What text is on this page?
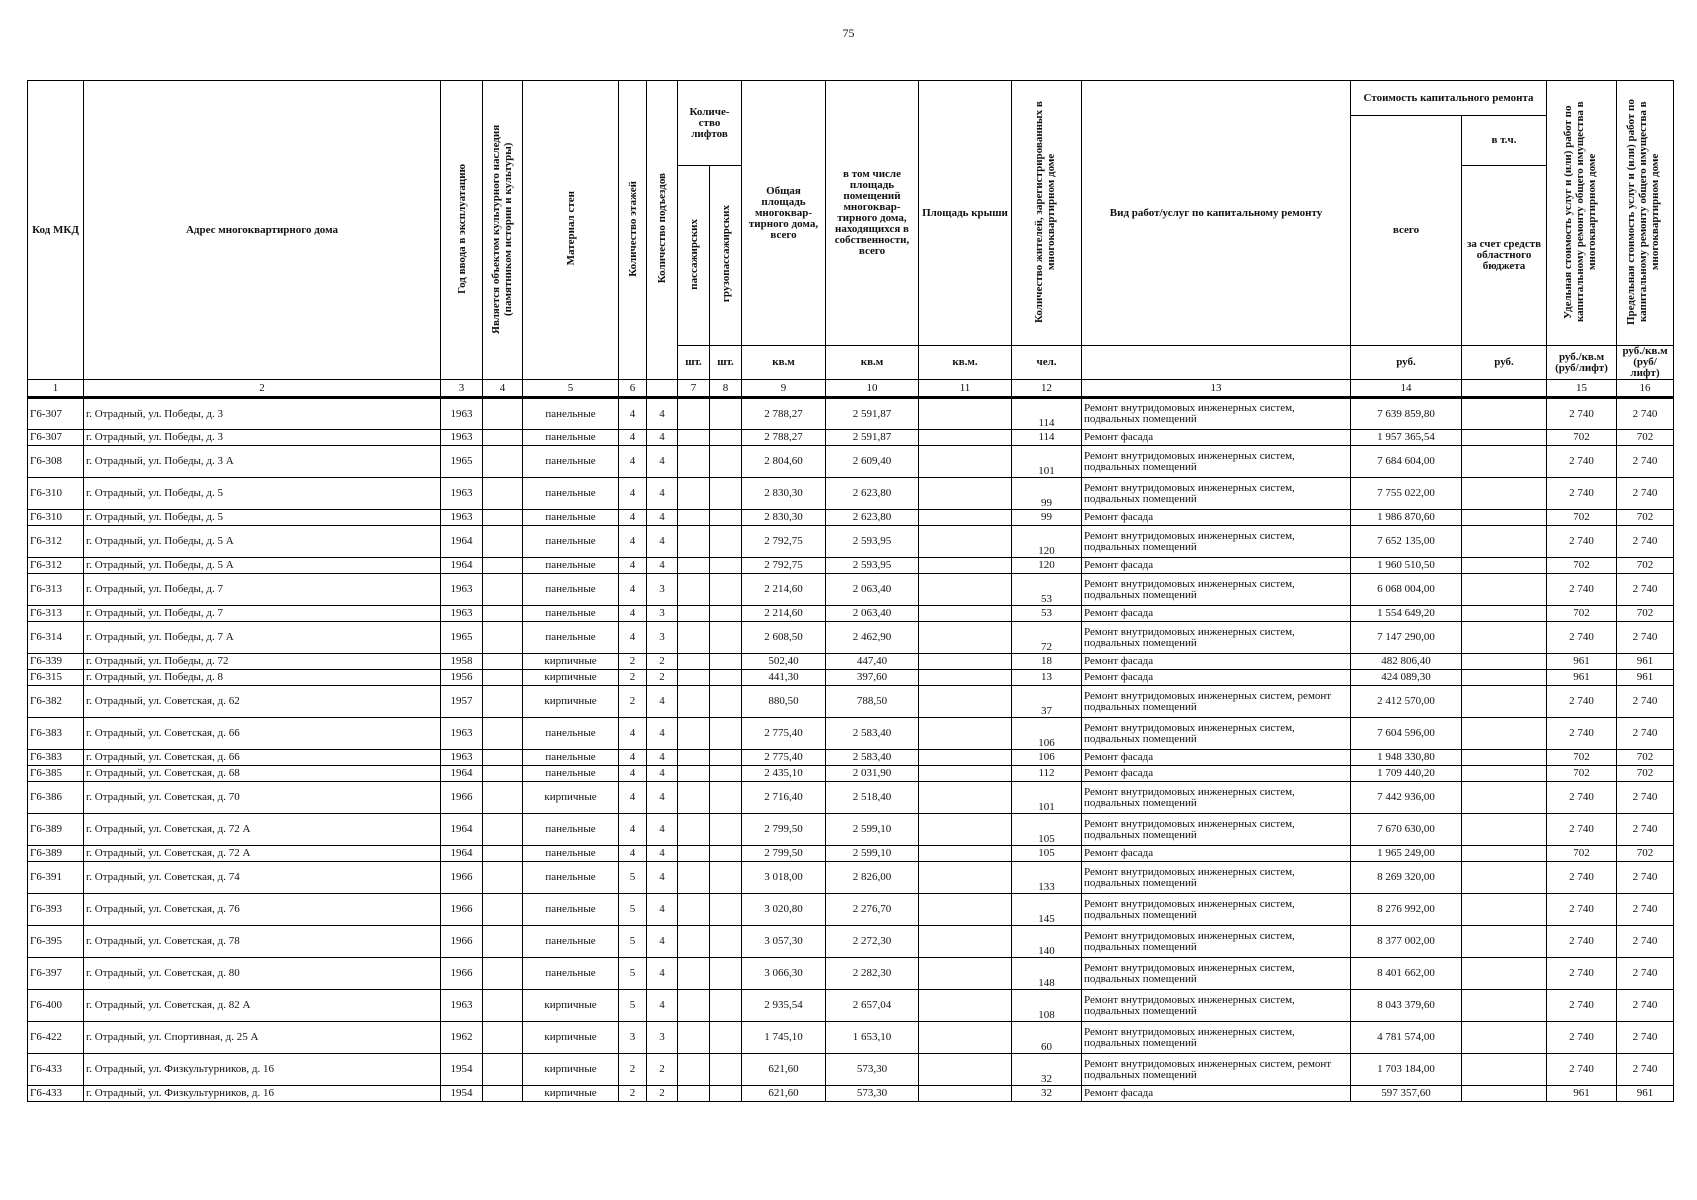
75
Код МКД	Адрес многоквартирного дома	Год ввода в эксплуатацию	Является объектом культурного наследия (памятником истории и культуры)	Материал стен	Количество этажей	Количество подъездов	Количе-ство лифтов		Общая площадь многоквар-тирного дома, всего	в том числе площадь помещений многоквар-тирного дома, находящихся в собственности, всего	Площадь крыши	Количество жителей, зарегистрированных в многоквартирном доме	Вид работ/услуг по капитальному ремонту	Стоимость капитального ремонта		Удельная стоимость услуг и (или) работ по капитальному ремонту общего имущества в многоквартирном доме	Предельная стоимость услуг и (или) работ по капитальному ремонту общего имущества в многоквартирном доме
														всего	в т.ч.		
							пассажирских	грузопассажирских							за счет средств областного бюджета		
							шт.	шт.	кв.м	кв.м	кв.м.	чел.		руб.	руб.	руб./кв.м (руб/лифт)	руб./кв.м (руб/лифт)
1	2	3	4	5	6		7	8	9	10	11	12	13	14		15	16
Г6-307	г. Отрадный, ул. Победы, д. 3	1963		панельные	4	4			2 788,27	2 591,87		114	Ремонт внутридомовых инженерных систем, подвальных помещений	7 639 859,80		2 740	2 740
Г6-307	г. Отрадный, ул. Победы, д. 3	1963		панельные	4	4			2 788,27	2 591,87		114	Ремонт фасада	1 957 365,54		702	702
Г6-308	г. Отрадный, ул. Победы, д. 3 А	1965		панельные	4	4			2 804,60	2 609,40		101	Ремонт внутридомовых инженерных систем, подвальных помещений	7 684 604,00		2 740	2 740
Г6-310	г. Отрадный, ул. Победы, д. 5	1963		панельные	4	4			2 830,30	2 623,80		99	Ремонт внутридомовых инженерных систем, подвальных помещений	7 755 022,00		2 740	2 740
Г6-310	г. Отрадный, ул. Победы, д. 5	1963		панельные	4	4			2 830,30	2 623,80		99	Ремонт фасада	1 986 870,60		702	702
Г6-312	г. Отрадный, ул. Победы, д. 5 А	1964		панельные	4	4			2 792,75	2 593,95		120	Ремонт внутридомовых инженерных систем, подвальных помещений	7 652 135,00		2 740	2 740
Г6-312	г. Отрадный, ул. Победы, д. 5 А	1964		панельные	4	4			2 792,75	2 593,95		120	Ремонт фасада	1 960 510,50		702	702
Г6-313	г. Отрадный, ул. Победы, д. 7	1963		панельные	4	3			2 214,60	2 063,40		53	Ремонт внутридомовых инженерных систем, подвальных помещений	6 068 004,00		2 740	2 740
Г6-313	г. Отрадный, ул. Победы, д. 7	1963		панельные	4	3			2 214,60	2 063,40		53	Ремонт фасада	1 554 649,20		702	702
Г6-314	г. Отрадный, ул. Победы, д. 7 А	1965		панельные	4	3			2 608,50	2 462,90		72	Ремонт внутридомовых инженерных систем, подвальных помещений	7 147 290,00		2 740	2 740
Г6-339	г. Отрадный, ул. Победы, д. 72	1958		кирпичные	2	2			502,40	447,40		18	Ремонт фасада	482 806,40		961	961
Г6-315	г. Отрадный, ул. Победы, д. 8	1956		кирпичные	2	2			441,30	397,60		13	Ремонт фасада	424 089,30		961	961
Г6-382	г. Отрадный, ул. Советская, д. 62	1957		кирпичные	2	4			880,50	788,50		37	Ремонт внутридомовых инженерных систем, ремонт подвальных помещений	2 412 570,00		2 740	2 740
Г6-383	г. Отрадный, ул. Советская, д. 66	1963		панельные	4	4			2 775,40	2 583,40		106	Ремонт внутридомовых инженерных систем, подвальных помещений	7 604 596,00		2 740	2 740
Г6-383	г. Отрадный, ул. Советская, д. 66	1963		панельные	4	4			2 775,40	2 583,40		106	Ремонт фасада	1 948 330,80		702	702
Г6-385	г. Отрадный, ул. Советская, д. 68	1964		панельные	4	4			2 435,10	2 031,90		112	Ремонт фасада	1 709 440,20		702	702
Г6-386	г. Отрадный, ул. Советская, д. 70	1966		кирпичные	4	4			2 716,40	2 518,40		101	Ремонт внутридомовых инженерных систем, подвальных помещений	7 442 936,00		2 740	2 740
Г6-389	г. Отрадный, ул. Советская, д. 72 А	1964		панельные	4	4			2 799,50	2 599,10		105	Ремонт внутридомовых инженерных систем, подвальных помещений	7 670 630,00		2 740	2 740
Г6-389	г. Отрадный, ул. Советская, д. 72 А	1964		панельные	4	4			2 799,50	2 599,10		105	Ремонт фасада	1 965 249,00		702	702
Г6-391	г. Отрадный, ул. Советская, д. 74	1966		панельные	5	4			3 018,00	2 826,00		133	Ремонт внутридомовых инженерных систем, подвальных помещений	8 269 320,00		2 740	2 740
Г6-393	г. Отрадный, ул. Советская, д. 76	1966		панельные	5	4			3 020,80	2 276,70		145	Ремонт внутридомовых инженерных систем, подвальных помещений	8 276 992,00		2 740	2 740
Г6-395	г. Отрадный, ул. Советская, д. 78	1966		панельные	5	4			3 057,30	2 272,30		140	Ремонт внутридомовых инженерных систем, подвальных помещений	8 377 002,00		2 740	2 740
Г6-397	г. Отрадный, ул. Советская, д. 80	1966		панельные	5	4			3 066,30	2 282,30		148	Ремонт внутридомовых инженерных систем, подвальных помещений	8 401 662,00		2 740	2 740
Г6-400	г. Отрадный, ул. Советская, д. 82 А	1963		кирпичные	5	4			2 935,54	2 657,04		108	Ремонт внутридомовых инженерных систем, подвальных помещений	8 043 379,60		2 740	2 740
Г6-422	г. Отрадный, ул. Спортивная, д. 25 А	1962		кирпичные	3	3			1 745,10	1 653,10		60	Ремонт внутридомовых инженерных систем, подвальных помещений	4 781 574,00		2 740	2 740
Г6-433	г. Отрадный, ул. Физкультурников, д. 16	1954		кирпичные	2	2			621,60	573,30		32	Ремонт внутридомовых инженерных систем, ремонт подвальных помещений	1 703 184,00		2 740	2 740
Г6-433	г. Отрадный, ул. Физкультурников, д. 16	1954		кирпичные	2	2			621,60	573,30		32	Ремонт фасада	597 357,60		961	961
